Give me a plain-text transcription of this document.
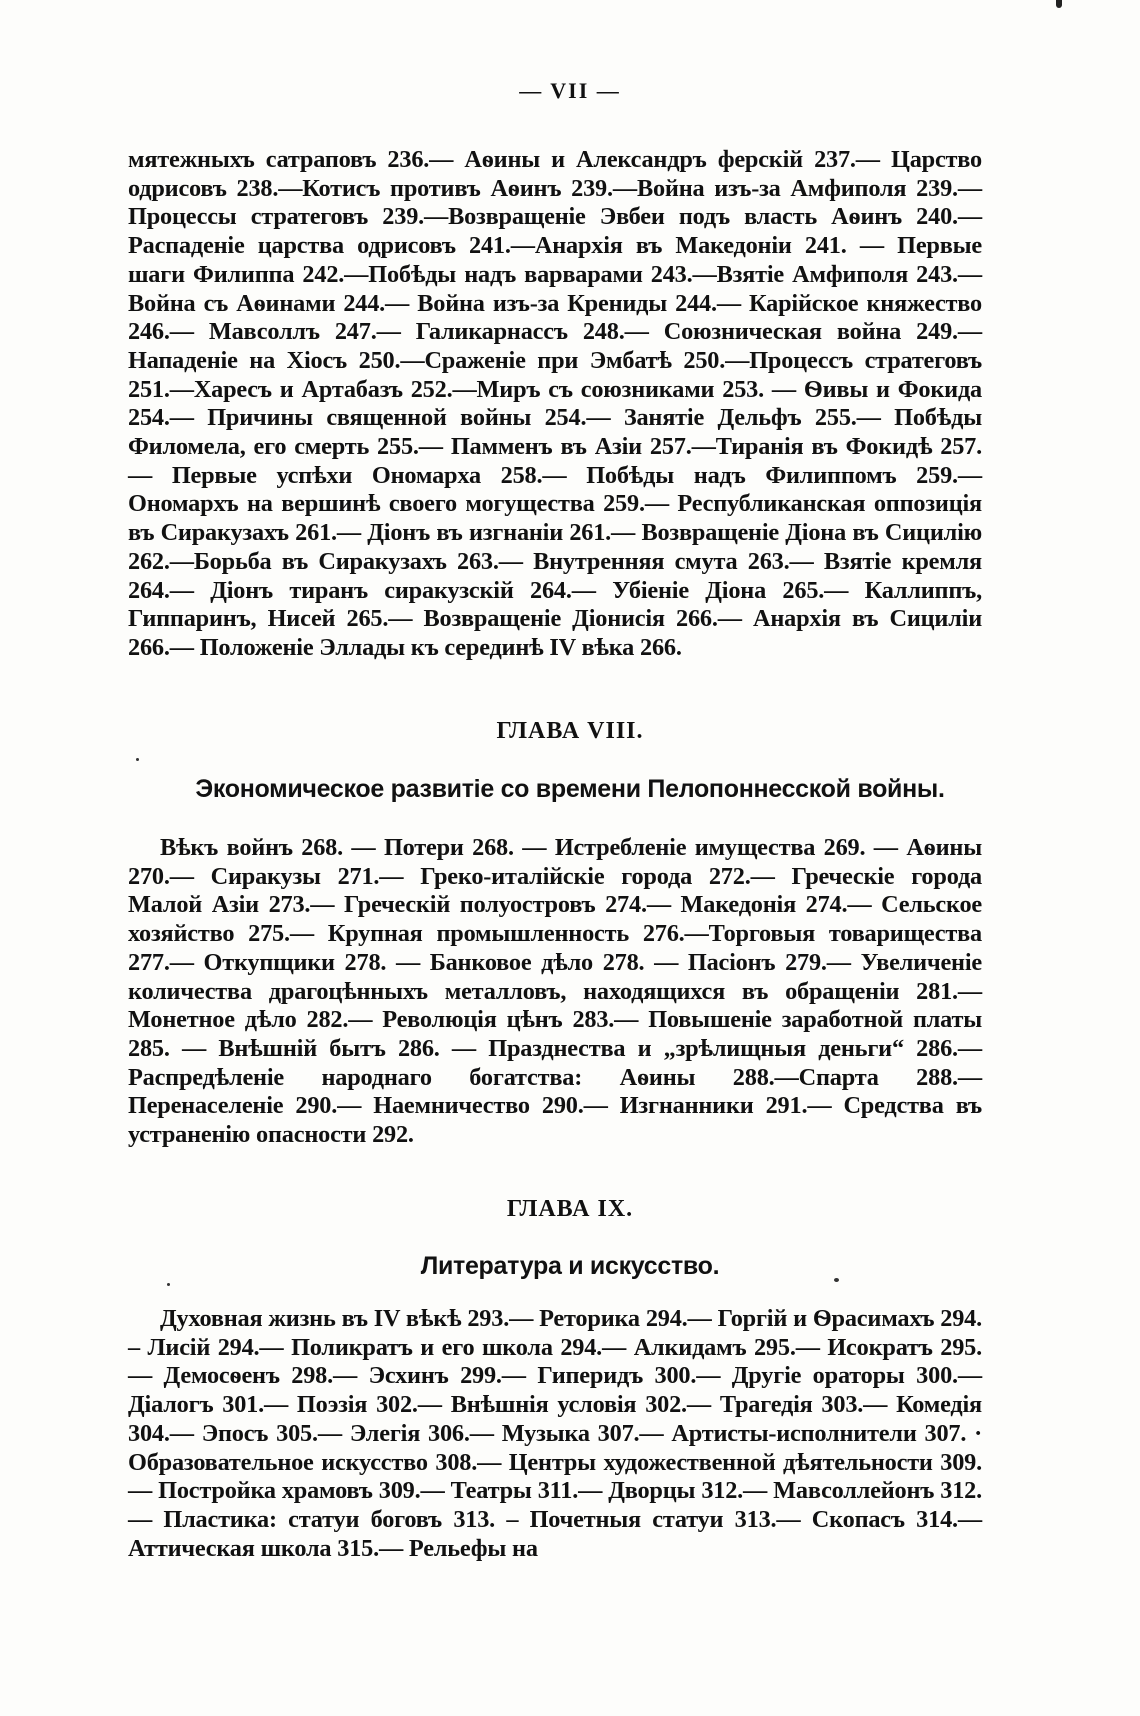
— VII —

мятежныхъ сатраповъ 236.— Аѳины и Александръ ферскій 237.— Царство одрисовъ 238.—Котисъ противъ Аѳинъ 239.—Война изъ-за Амфиполя 239.— Процессы стратеговъ 239.—Возвращеніе Эвбеи подъ власть Аѳинъ 240.— Распаденіе царства одрисовъ 241.—Анархія въ Македоніи 241. — Первые шаги Филиппа 242.—Побѣды надъ варварами 243.—Взятіе Амфиполя 243.— Война съ Аѳинами 244.— Война изъ-за Крениды 244.— Карійское княжество 246.— Мавсоллъ 247.— Галикарнассъ 248.— Союзническая война 249.— Нападеніе на Хіосъ 250.—Сраженіе при Эмбатѣ 250.—Процессъ стратеговъ 251.—Харесъ и Артабазъ 252.—Миръ съ союзниками 253. — Ѳивы и Фокида 254.— Причины священной войны 254.— Занятіе Дельфъ 255.— Побѣды Филомела, его смерть 255.— Паммeнъ въ Азіи 257.—Тиранія въ Фокидѣ 257.— Первые успѣхи Ономарха 258.— Побѣды надъ Филиппомъ 259.— Ономархъ на вершинѣ своего могущества 259.— Республиканская оппозиція въ Сиракузахъ 261.— Діонъ въ изгнаніи 261.— Возвращеніе Діона въ Сицилію 262.—Борьба въ Сиракузахъ 263.— Внутренняя смута 263.— Взятіе кремля 264.— Діонъ тиранъ сиракузскій 264.— Убіеніе Діона 265.— Каллиппъ, Гиппаринъ, Нисей 265.— Возвращеніе Діонисія 266.— Анархія въ Сициліи 266.— Положеніе Эллады къ серединѣ IV вѣка 266.

ГЛАВА VIII.
Экономическое развитіе со времени Пелопоннесской войны.

Вѣкъ войнъ 268. — Потери 268. — Истребленіе имущества 269. — Аѳины 270.— Сиракузы 271.— Греко-италійскіе города 272.— Греческіе города Малой Азіи 273.— Греческій полуостровъ 274.— Македонія 274.— Сельское хозяйство 275.— Крупная промышленность 276.—Торговыя товарищества 277.— Откупщики 278. — Банковое дѣло 278. — Пасіонъ 279.— Увеличеніе количества драгоцѣнныхъ металловъ, находящихся въ обращеніи 281.— Монетное дѣло 282.— Революція цѣнъ 283.— Повышеніе заработной платы 285. — Внѣшній бытъ 286. — Празднества и „зрѣлищныя деньги“ 286.— Распредѣленіе народнаго богатства: Аѳины 288.—Спарта 288.— Перенаселеніе 290.— Наемничество 290.— Изгнанники 291.— Средства въ устраненію опасности 292.

ГЛАВА IX.
Литература и искусство.

Духовная жизнь въ IV вѣкѣ 293.— Реторика 294.— Горгій и Ѳрасимахъ 294. – Лисій 294.— Поликратъ и его школа 294.— Алкидамъ 295.— Исократъ 295.— Демосѳенъ 298.— Эсхинъ 299.— Гиперидъ 300.— Другіе ораторы 300.— Діалогъ 301.— Поэзія 302.— Внѣшнія условія 302.— Трагедія 303.— Комедія 304.— Эпосъ 305.— Элегія 306.— Музыка 307.— Артисты-исполнители 307. · Образовательное искусство 308.— Центры художественной дѣятельности 309.— Постройка храмовъ 309.— Театры 311.— Дворцы 312.— Мавсоллейонъ 312.— Пластика: статуи боговъ 313. – Почетныя статуи 313.— Скопасъ 314.— Аттическая школа 315.— Рельефы на
